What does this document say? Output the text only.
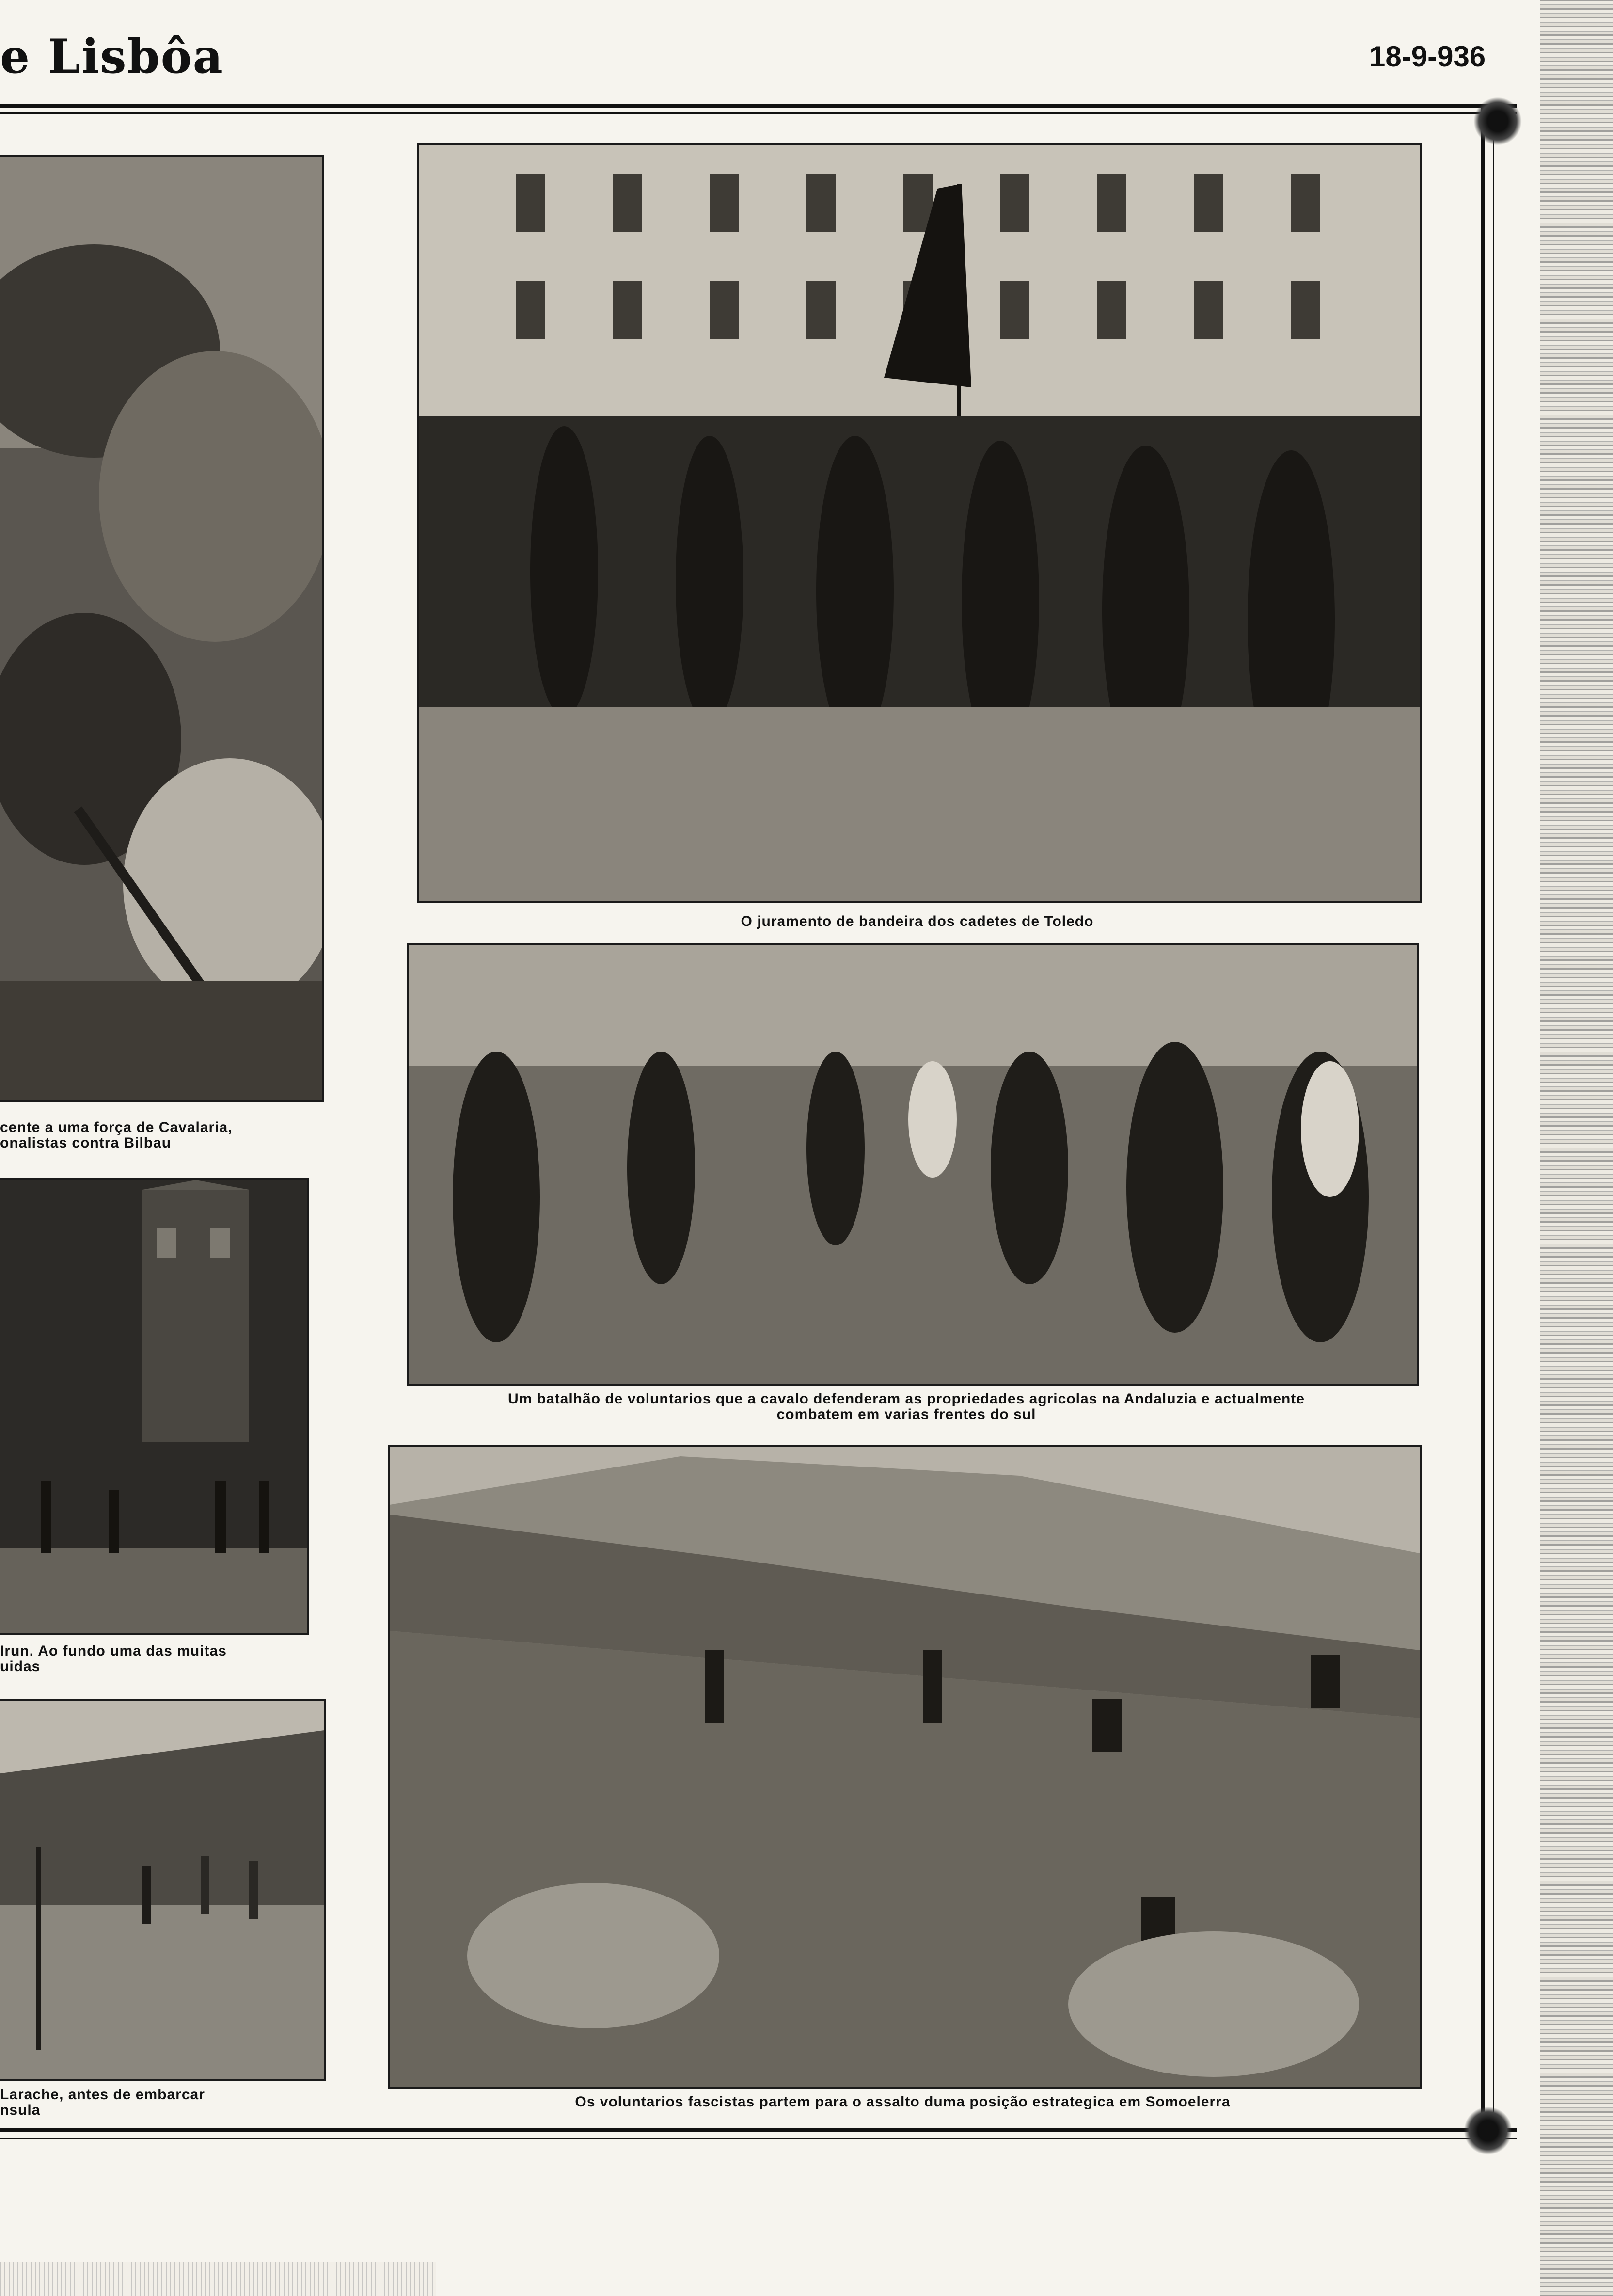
e Lisbôa	18-9-936
cente a uma força de Cavalaria,
onalistas contra Bilbau
Irun. Ao fundo uma das muitas
uidas
Larache, antes de embarcar
nsula
O juramento de bandeira dos cadetes de Toledo
Um batalhão de voluntarios que a cavalo defenderam as propriedades agricolas na Andaluzia e actualmente
combatem em varias frentes do sul
Os voluntarios fascistas partem para o assalto duma posição estrategica em Somoelerra
